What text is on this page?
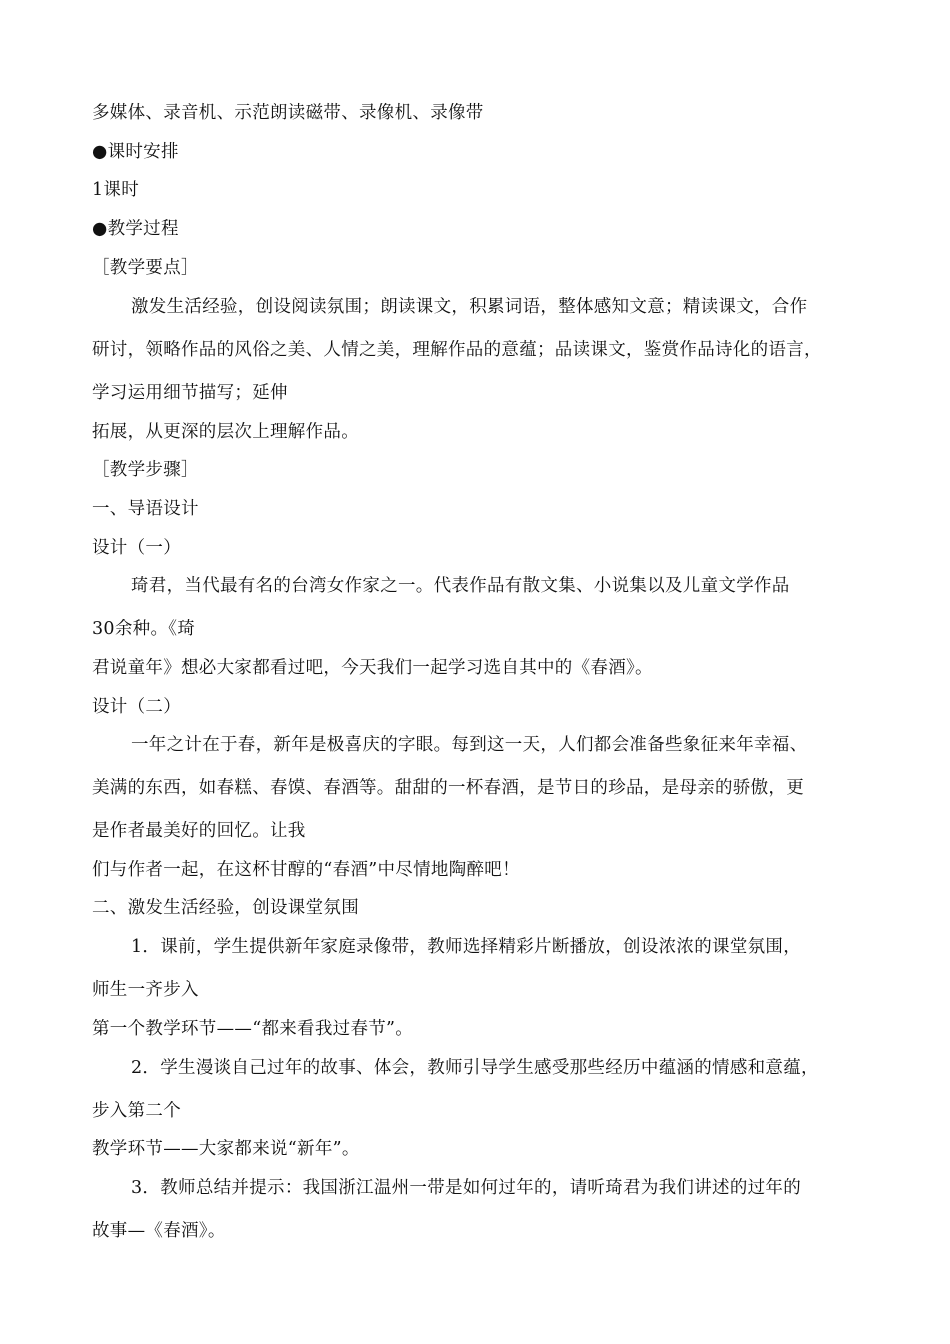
多媒体、录音机、示范朗读磁带、录像机、录像带
●课时安排
1课时
●教学过程
［教学要点］
激发生活经验，创设阅读氛围；朗读课文，积累词语，整体感知文意；精读课文，合作
研讨，领略作品的风俗之美、人情之美，理解作品的意蕴；品读课文，鉴赏作品诗化的语言，
学习运用细节描写；延伸
拓展，从更深的层次上理解作品。
［教学步骤］
一、导语设计
设计（一）
琦君，当代最有名的台湾女作家之一。代表作品有散文集、小说集以及儿童文学作品
30余种。《琦
君说童年》想必大家都看过吧，今天我们一起学习选自其中的《春酒》。
设计（二）
一年之计在于春，新年是极喜庆的字眼。每到这一天，人们都会准备些象征来年幸福、
美满的东西，如春糕、春馍、春酒等。甜甜的一杯春酒，是节日的珍品，是母亲的骄傲，更
是作者最美好的回忆。让我
们与作者一起，在这杯甘醇的“春酒”中尽情地陶醉吧！
二、激发生活经验，创设课堂氛围
1．课前，学生提供新年家庭录像带，教师选择精彩片断播放，创设浓浓的课堂氛围，
师生一齐步入
第一个教学环节——“都来看我过春节”。
2．学生漫谈自己过年的故事、体会，教师引导学生感受那些经历中蕴涵的情感和意蕴，
步入第二个
教学环节——大家都来说“新年”。
3．教师总结并提示：我国浙江温州一带是如何过年的，请听琦君为我们讲述的过年的
故事—《春酒》。
